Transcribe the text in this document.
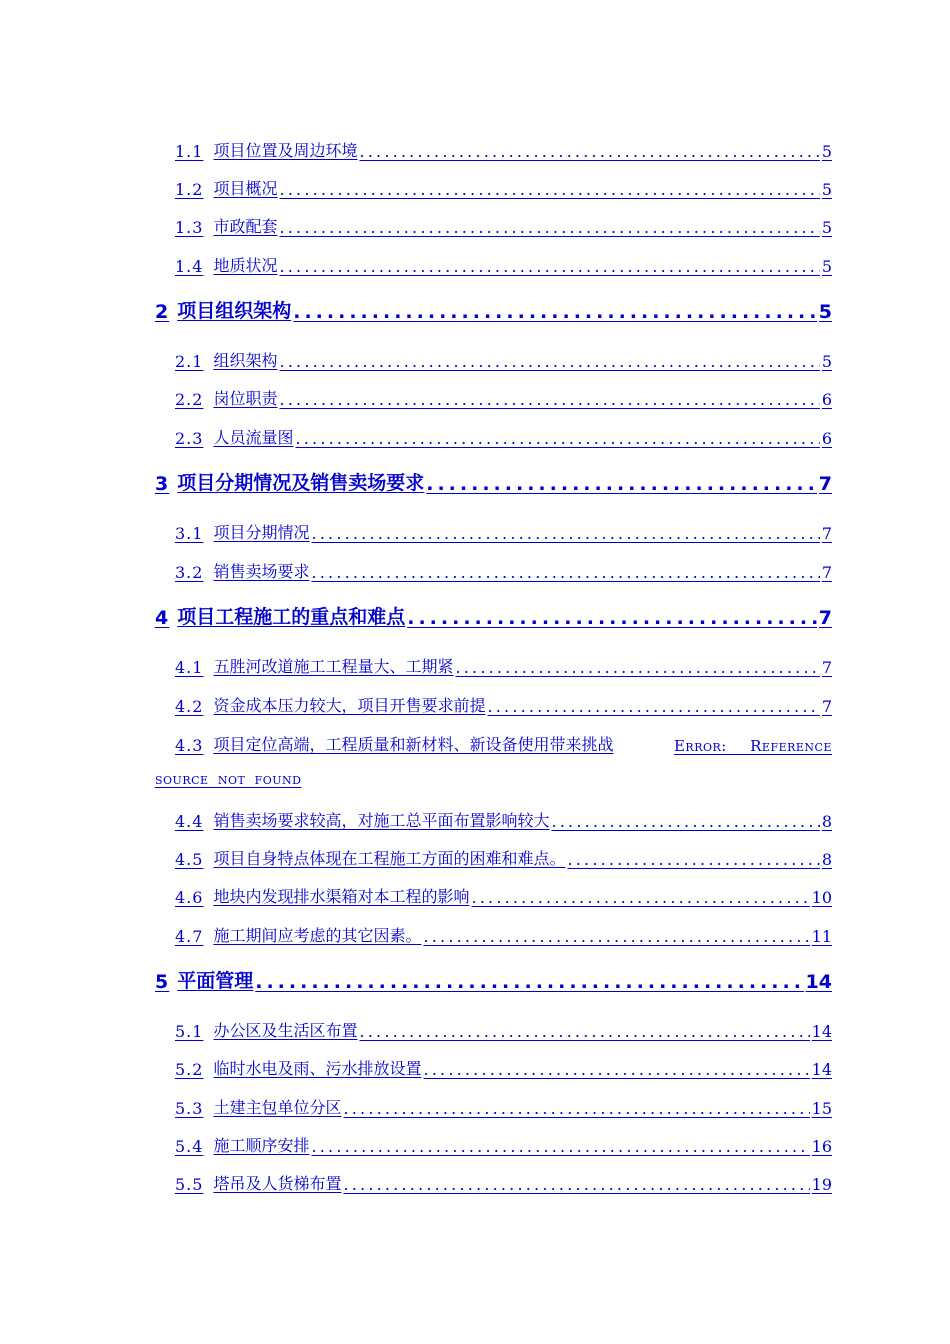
1.1 项目位置及周边环境 .....	5
1.2 项目概况 .....	5
1.3 市政配套 .....	5
1.4 地质状况 .....	5
2 项目组织架构 .....	5
2.1 组织架构 .....	5
2.2 岗位职责 .....	6
2.3 人员流量图 .....	6
3 项目分期情况及销售卖场要求 .....	7
3.1 项目分期情况 .....	7
3.2 销售卖场要求 .....	7
4 项目工程施工的重点和难点 .....	7
4.1 五胜河改道施工工程量大、工期紧 .....	7
4.2 资金成本压力较大，项目开售要求前提 .....	7
4.3 项目定位高端，工程质量和新材料、新设备使用带来挑战	Error: Reference
source not found
4.4 销售卖场要求较高，对施工总平面布置影响较大 .....	8
4.5 项目自身特点体现在工程施工方面的困难和难点。 .....	8
4.6 地块内发现排水渠箱对本工程的影响 .....	10
4.7 施工期间应考虑的其它因素。 .....	11
5 平面管理 .....	14
5.1 办公区及生活区布置 .....	14
5.2 临时水电及雨、污水排放设置 .....	14
5.3 土建主包单位分区 .....	15
5.4 施工顺序安排 .....	16
5.5 塔吊及人货梯布置 .....	19
